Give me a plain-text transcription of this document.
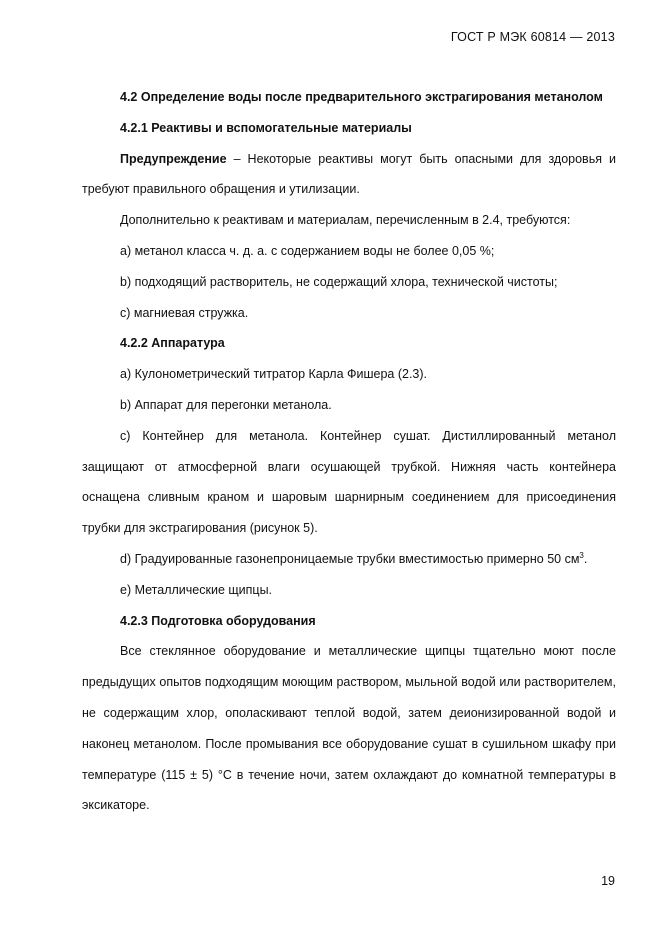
ГОСТ Р МЭК 60814 — 2013

4.2 Определение воды после предварительного экстрагирования метанолом

4.2.1 Реактивы и вспомогательные материалы

Предупреждение – Некоторые реактивы могут быть опасными для здоровья и требуют правильного обращения и утилизации.

Дополнительно к реактивам и материалам, перечисленным в 2.4, требуются:

a) метанол класса ч. д. а. с содержанием воды не более 0,05 %;

b) подходящий растворитель, не содержащий хлора, технической чистоты;

c) магниевая стружка.

4.2.2 Аппаратура

a) Кулонометрический титратор Карла Фишера (2.3).

b) Аппарат для перегонки метанола.

c) Контейнер для метанола. Контейнер сушат. Дистиллированный метанол защищают от атмосферной влаги осушающей трубкой. Нижняя часть контейнера оснащена сливным краном и шаровым шарнирным соединением для присоединения трубки для экстрагирования (рисунок 5).

d) Градуированные газонепроницаемые трубки вместимостью примерно 50 $см^3$.

e) Металлические щипцы.

4.2.3 Подготовка оборудования

Все стеклянное оборудование и металлические щипцы тщательно моют после предыдущих опытов подходящим моющим раствором, мыльной водой или растворителем, не содержащим хлор, ополаскивают теплой водой, затем деионизированной водой и наконец метанолом. После промывания все оборудование сушат в сушильном шкафу при температуре (115 ± 5) °C в течение ночи, затем охлаждают до комнатной температуры в эксикаторе.

19
